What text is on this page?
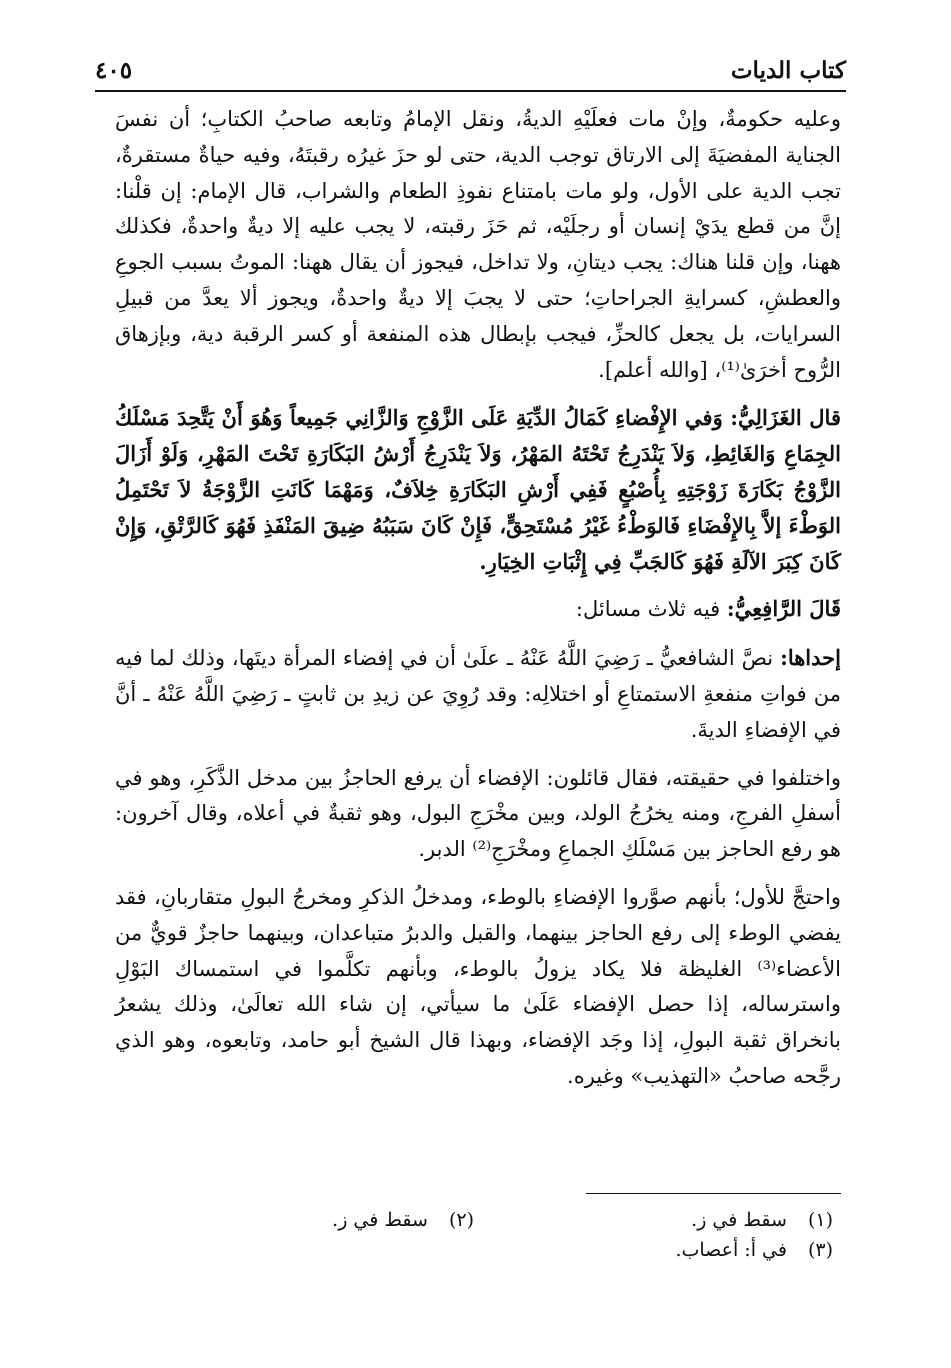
كتاب الديات
٤٠٥

وعليه حكومةٌ، وإنْ مات فعلَيْهِ الديةُ، ونقل الإمامُ وتابعه صاحبُ الكتابِ؛ أن نفسَ الجناية المفضيَةَ إلى الارتاق توجب الدية، حتى لو حزَ غيرُه رقبتَهُ، وفيه حياةٌ مستقرةٌ، تجب الدية على الأول، ولو مات بامتناع نفوذِ الطعام والشراب، قال الإمام: إن قلْنا: إنَّ من قطع يدَيْ إنسان أو رجلَيْه، ثم حَزَ رقبته، لا يجب عليه إلا ديةٌ واحدةٌ، فكذلك ههنا، وإن قلنا هناك: يجب ديتانِ، ولا تداخل، فيجوز أن يقال ههنا: الموتُ بسبب الجوعِ والعطشِ، كسرايةِ الجراحاتِ؛ حتى لا يجبَ إلا ديةٌ واحدةٌ، ويجوز ألا يعدَّ من قبيلِ السرايات، بل يجعل كالحزِّ، فيجب بإبطال هذه المنفعة أو كسر الرقبة دية، وبإزهاق الرُّوح أخرَىٰ⁽¹⁾، [والله أعلم].

قال الغَزَالِيُّ: وَفي الإِفْضاءِ كَمَالُ الدِّيَةِ عَلَى الزَّوْجِ وَالزَّانِي جَمِيعاً وَهُوَ أَنْ يَتَّحِدَ مَسْلَكُ الجِمَاعِ وَالغَائِطِ، وَلاَ يَنْدَرِجُ تَحْتَهُ المَهْرُ، وَلاَ يَنْدَرِجُ أَرْشُ البَكَارَةِ تَحْتَ المَهْرِ، وَلَوْ أَزَالَ الزَّوْجُ بَكَارَةَ زَوْجَتِهِ بِأُصْبُعٍ فَفِي أَرْشِ البَكَارَةِ خِلاَفٌ، وَمَهْمَا كَانَتِ الزَّوْجَةُ لاَ تَحْتَمِلُ الوَطْءَ إلاَّ بِالإِفْضَاءِ فَالوَطْءُ غَيْرُ مُسْتَحِقٍّ، فَإِنْ كَانَ سَبَبُهُ ضِيقَ المَنْفَذِ فَهُوَ كَالرَّتْقِ، وَإِنْ كَانَ كِبَرَ الآلَةِ فَهُوَ كَالجَبِّ فِي إِثْبَاتِ الخِيَارِ.

قَالَ الرَّافِعِيُّ: فيه ثلاث مسائل:

إحداها: نصَّ الشافعيُّ ـ رَضِيَ اللَّهُ عَنْهُ ـ علَىٰ أن في إفضاء المرأة ديتَها، وذلك لما فيه من فواتِ منفعةِ الاستمتاعِ أو اختلالِه: وقد رُوِيَ عن زيدِ بن ثابتٍ ـ رَضِيَ اللَّهُ عَنْهُ ـ أنَّ في الإفضاءِ الديةَ.

واختلفوا في حقيقته، فقال قائلون: الإفضاء أن يرفع الحاجزُ بين مدخل الذَّكَرِ، وهو في أسفلِ الفرجِ، ومنه يخرُجُ الولد، وبين مخْرَجِ البول، وهو ثقبةٌ في أعلاه، وقال آخرون: هو رفع الحاجز بين مَسْلَكِ الجماعِ ومخْرَجِ⁽²⁾ الدبر.

واحتجَّ للأول؛ بأنهم صوَّروا الإفضاءِ بالوطء، ومدخلُ الذكرِ ومخرجُ البولِ متقاربانِ، فقد يفضي الوطء إلى رفع الحاجز بينهما، والقبل والدبرُ متباعدان، وبينهما حاجزٌ قويٌّ من الأعضاء⁽³⁾ الغليظة فلا يكاد يزولُ بالوطء، وبأنهم تكلَّموا في استمساك البَوْلِ واسترساله، إذا حصل الإفضاء عَلَىٰ ما سيأتي، إن شاء الله تعالَىٰ، وذلك يشعرُ بانخراق ثقبة البولِ، إذا وجَد الإفضاء، وبهذا قال الشيخ أبو حامد، وتابعوه، وهو الذي رجَّحه صاحبُ «التهذيب» وغيره.

(١) سقط في ز.
(٢) سقط في ز.
(٣) في أ: أعصاب.
